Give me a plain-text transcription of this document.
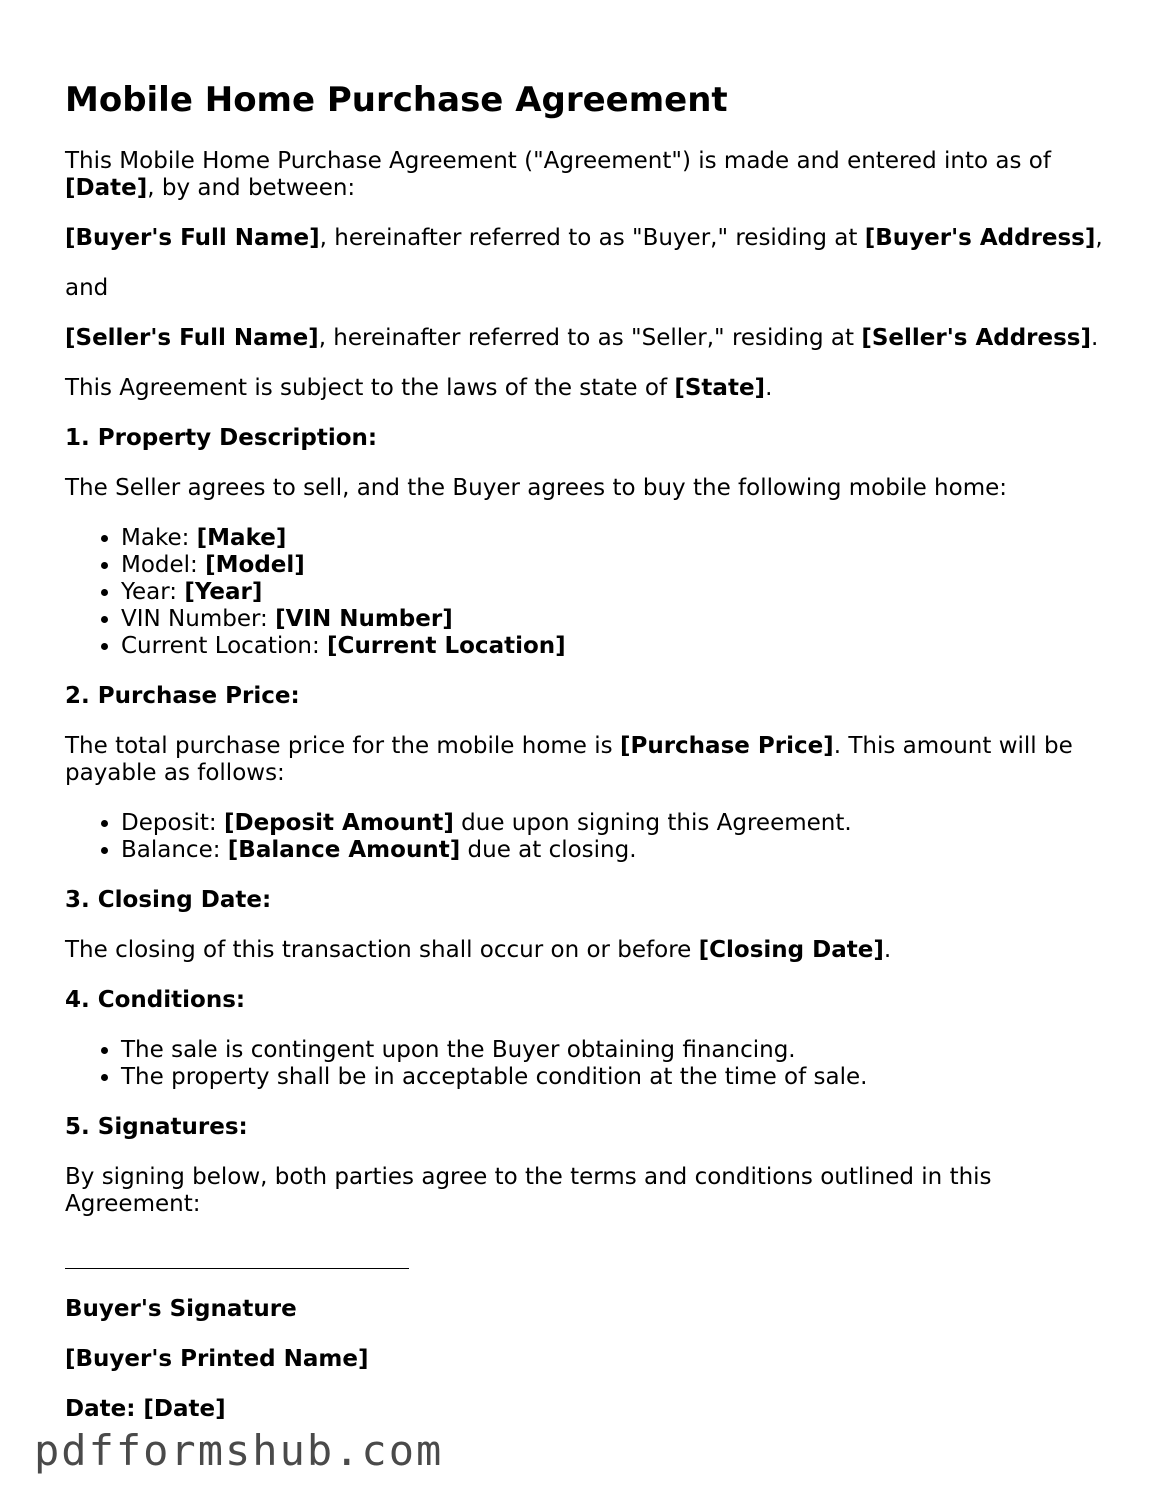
Mobile Home Purchase Agreement

This Mobile Home Purchase Agreement ("Agreement") is made and entered into as of [Date], by and between:

[Buyer's Full Name], hereinafter referred to as "Buyer," residing at [Buyer's Address],

and

[Seller's Full Name], hereinafter referred to as "Seller," residing at [Seller's Address].

This Agreement is subject to the laws of the state of [State].

1. Property Description:

The Seller agrees to sell, and the Buyer agrees to buy the following mobile home:

• Make: [Make]
• Model: [Model]
• Year: [Year]
• VIN Number: [VIN Number]
• Current Location: [Current Location]
2. Purchase Price:

The total purchase price for the mobile home is [Purchase Price]. This amount will be payable as follows:

• Deposit: [Deposit Amount] due upon signing this Agreement.
• Balance: [Balance Amount] due at closing.
3. Closing Date:

The closing of this transaction shall occur on or before [Closing Date].

4. Conditions:
• The sale is contingent upon the Buyer obtaining financing.
• The property shall be in acceptable condition at the time of sale.
5. Signatures:

By signing below, both parties agree to the terms and conditions outlined in this Agreement:

Buyer's Signature
[Buyer's Printed Name]
Date: [Date]
pdfformshub.com
